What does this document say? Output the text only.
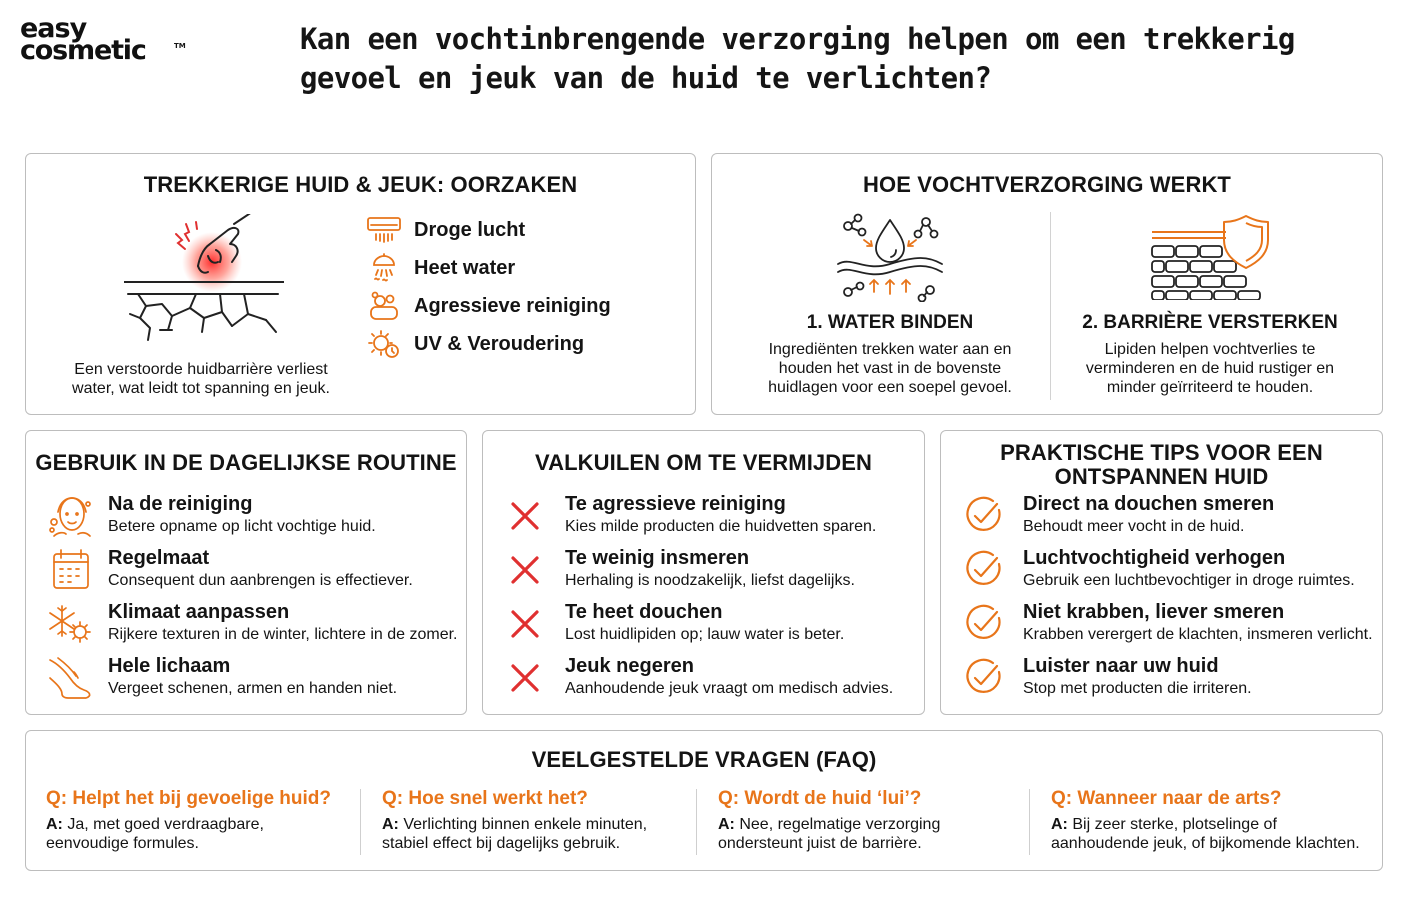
easy
cosmetic	TM	Kan een vochtinbrengende verzorging helpen om een trekkerig gevoel en jeuk van de huid te verlichten?
TREKKERIGE HUID & JEUK: OORZAKEN
Een verstoorde huidbarrière verliest
water, wat leidt tot spanning en jeuk.
Droge lucht
Heet water
Agressieve reiniging
UV & Veroudering
HOE VOCHTVERZORGING WERKT
1. WATER BINDEN
Ingrediënten trekken water aan en
houden het vast in de bovenste
huidlagen voor een soepel gevoel.
2. BARRIÈRE VERSTERKEN
Lipiden helpen vochtverlies te
verminderen en de huid rustiger en
minder geïrriteerd te houden.
GEBRUIK IN DE DAGELIJKSE ROUTINE
Na de reiniging
Betere opname op licht vochtige huid.
Regelmaat
Consequent dun aanbrengen is effectiever.
Klimaat aanpassen
Rijkere texturen in de winter, lichtere in de zomer.
Hele lichaam
Vergeet schenen, armen en handen niet.
VALKUILEN OM TE VERMIJDEN
Te agressieve reiniging
Kies milde producten die huidvetten sparen.
Te weinig insmeren
Herhaling is noodzakelijk, liefst dagelijks.
Te heet douchen
Lost huidlipiden op; lauw water is beter.
Jeuk negeren
Aanhoudende jeuk vraagt om medisch advies.
PRAKTISCHE TIPS VOOR EEN
ONTSPANNEN HUID
Direct na douchen smeren
Behoudt meer vocht in de huid.
Luchtvochtigheid verhogen
Gebruik een luchtbevochtiger in droge ruimtes.
Niet krabben, liever smeren
Krabben verergert de klachten, insmeren verlicht.
Luister naar uw huid
Stop met producten die irriteren.
VEELGESTELDE VRAGEN (FAQ)
Q: Helpt het bij gevoelige huid?
A: Ja, met goed verdraagbare,
eenvoudige formules.
Q: Hoe snel werkt het?
A: Verlichting binnen enkele minuten,
stabiel effect bij dagelijks gebruik.
Q: Wordt de huid ‘lui’?
A: Nee, regelmatige verzorging
ondersteunt juist de barrière.
Q: Wanneer naar de arts?
A: Bij zeer sterke, plotselinge of
aanhoudende jeuk, of bijkomende klachten.
